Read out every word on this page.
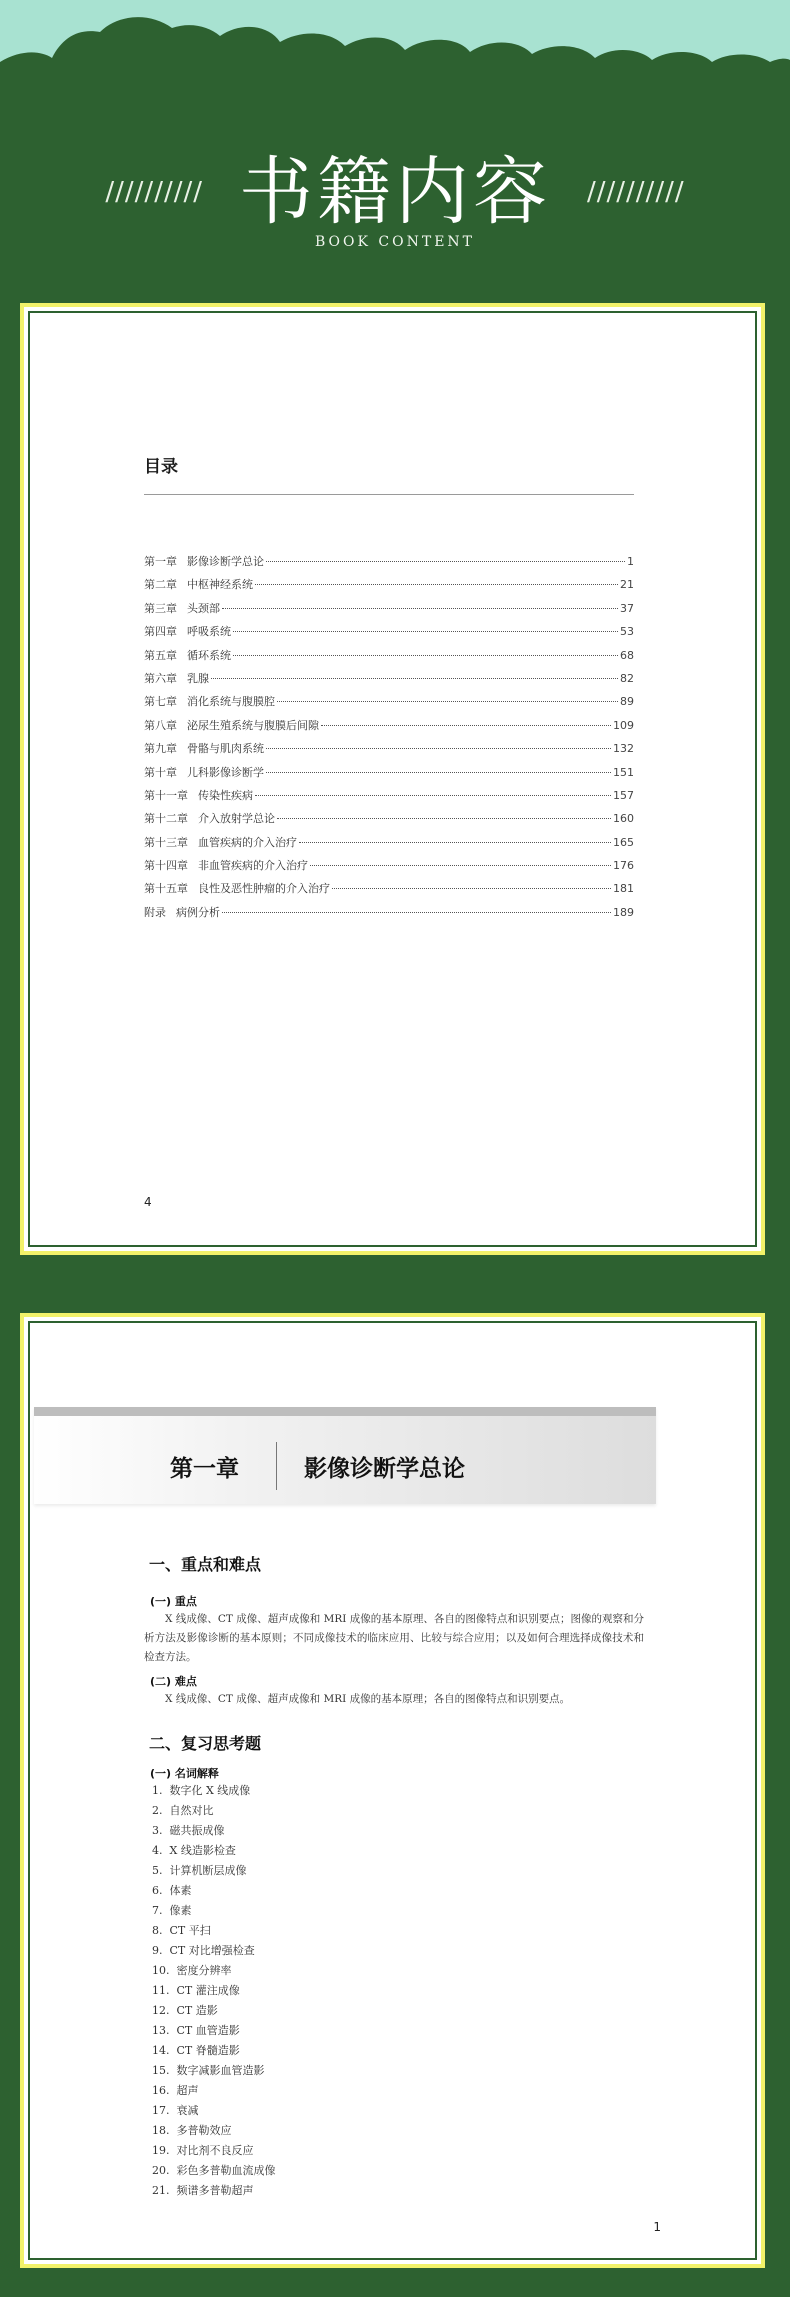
////////// 书籍内容 //////////
BOOK CONTENT
目录
第一章 影像诊断学总论	1
第二章 中枢神经系统	21
第三章 头颈部	37
第四章 呼吸系统	53
第五章 循环系统	68
第六章 乳腺	82
第七章 消化系统与腹膜腔	89
第八章 泌尿生殖系统与腹膜后间隙	109
第九章 骨骼与肌肉系统	132
第十章 儿科影像诊断学	151
第十一章 传染性疾病	157
第十二章 介入放射学总论	160
第十三章 血管疾病的介入治疗	165
第十四章 非血管疾病的介入治疗	176
第十五章 良性及恶性肿瘤的介入治疗	181
附录 病例分析	189
4
第一章	影像诊断学总论
一、重点和难点
(一) 重点

X 线成像、CT 成像、超声成像和 MRI 成像的基本原理、各自的图像特点和识别要点；图像的观察和分析方法及影像诊断的基本原则；不同成像技术的临床应用、比较与综合应用；以及如何合理选择成像技术和检查方法。

(二) 难点

X 线成像、CT 成像、超声成像和 MRI 成像的基本原理；各自的图像特点和识别要点。

二、复习思考题
(一) 名词解释
1.  数字化 X 线成像
2.  自然对比
3.  磁共振成像
4.  X 线造影检查
5.  计算机断层成像
6.  体素
7.  像素
8.  CT 平扫
9.  CT 对比增强检查
10.  密度分辨率
11.  CT 灌注成像
12.  CT 造影
13.  CT 血管造影
14.  CT 脊髓造影
15.  数字减影血管造影
16.  超声
17.  衰减
18.  多普勒效应
19.  对比剂不良反应
20.  彩色多普勒血流成像
21.  频谱多普勒超声
1
